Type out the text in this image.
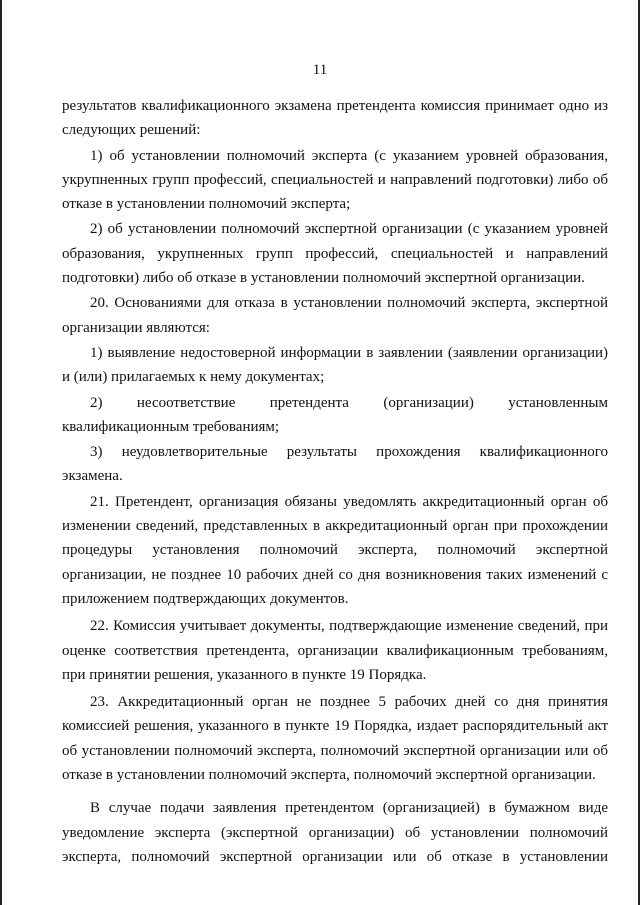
11

результатов квалификационного экзамена претендента комиссия принимает одно из следующих решений:

1) об установлении полномочий эксперта (с указанием уровней образования, укрупненных групп профессий, специальностей и направлений подготовки) либо об отказе в установлении полномочий эксперта;

2) об установлении полномочий экспертной организации (с указанием уровней образования, укрупненных групп профессий, специальностей и направлений подготовки) либо об отказе в установлении полномочий экспертной организации.

20. Основаниями для отказа в установлении полномочий эксперта, экспертной организации являются:

1) выявление недостоверной информации в заявлении (заявлении организации) и (или) прилагаемых к нему документах;

2) несоответствие претендента (организации) установленным квалификационным требованиям;

3) неудовлетворительные результаты прохождения квалификационного экзамена.

21. Претендент, организация обязаны уведомлять аккредитационный орган об изменении сведений, представленных в аккредитационный орган при прохождении процедуры установления полномочий эксперта, полномочий экспертной организации, не позднее 10 рабочих дней со дня возникновения таких изменений с приложением подтверждающих документов.

22. Комиссия учитывает документы, подтверждающие изменение сведений, при оценке соответствия претендента, организации квалификационным требованиям, при принятии решения, указанного в пункте 19 Порядка.

23. Аккредитационный орган не позднее 5 рабочих дней со дня принятия комиссией решения, указанного в пункте 19 Порядка, издает распорядительный акт об установлении полномочий эксперта, полномочий экспертной организации или об отказе в установлении полномочий эксперта, полномочий экспертной организации.

В случае подачи заявления претендентом (организацией) в бумажном виде уведомление эксперта (экспертной организации) об установлении полномочий эксперта, полномочий экспертной организации или об отказе в установлении
